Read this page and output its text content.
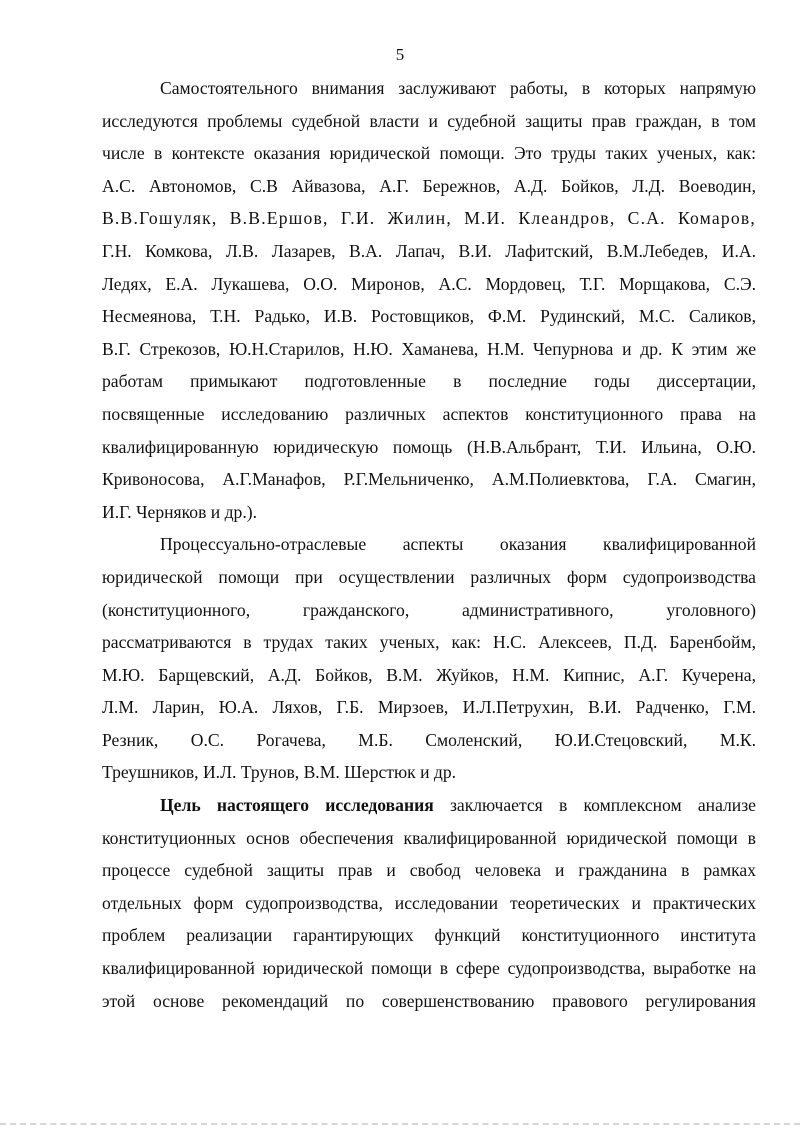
5

Самостоятельного внимания заслуживают работы, в которых напрямую
исследуются проблемы судебной власти и судебной защиты прав граждан, в том
числе в контексте оказания юридической помощи. Это труды таких ученых, как:
А.С. Автономов, С.В Айвазова, А.Г. Бережнов, А.Д. Бойков, Л.Д. Воеводин,
В.В.Гошуляк, В.В.Ершов, Г.И. Жилин, М.И. Клеандров, С.А. Комаров,
Г.Н. Комкова, Л.В. Лазарев, В.А. Лапач, В.И. Лафитский, В.М.Лебедев, И.А.
Ледях, Е.А. Лукашева, О.О. Миронов, А.С. Мордовец, Т.Г. Морщакова, С.Э.
Несмеянова, Т.Н. Радько, И.В. Ростовщиков, Ф.М. Рудинский, М.С. Саликов,
В.Г. Стрекозов, Ю.Н.Старилов, Н.Ю. Хаманева, Н.М. Чепурнова и др. К этим же
работам примыкают подготовленные в последние годы диссертации,
посвященные исследованию различных аспектов конституционного права на
квалифицированную юридическую помощь (Н.В.Альбрант, Т.И. Ильина, О.Ю.
Кривоносова, А.Г.Манафов, Р.Г.Мельниченко, А.М.Полиевктова, Г.А. Смагин,
И.Г. Черняков и др.).

Процессуально-отраслевые аспекты оказания квалифицированной
юридической помощи при осуществлении различных форм судопроизводства
(конституционного, гражданского, административного, уголовного)
рассматриваются в трудах таких ученых, как: Н.С. Алексеев, П.Д. Баренбойм,
М.Ю. Барщевский, А.Д. Бойков, В.М. Жуйков, Н.М. Кипнис, А.Г. Кучерена,
Л.М. Ларин, Ю.А. Ляхов, Г.Б. Мирзоев, И.Л.Петрухин, В.И. Радченко, Г.М.
Резник, О.С. Рогачева, М.Б. Смоленский, Ю.И.Стецовский, М.К.
Треушников, И.Л. Трунов, В.М. Шерстюк и др.

Цель настоящего исследования заключается в комплексном анализе
конституционных основ обеспечения квалифицированной юридической помощи в
процессе судебной защиты прав и свобод человека и гражданина в рамках
отдельных форм судопроизводства, исследовании теоретических и практических
проблем реализации гарантирующих функций конституционного института
квалифицированной юридической помощи в сфере судопроизводства, выработке на
этой основе рекомендаций по совершенствованию правового регулирования
